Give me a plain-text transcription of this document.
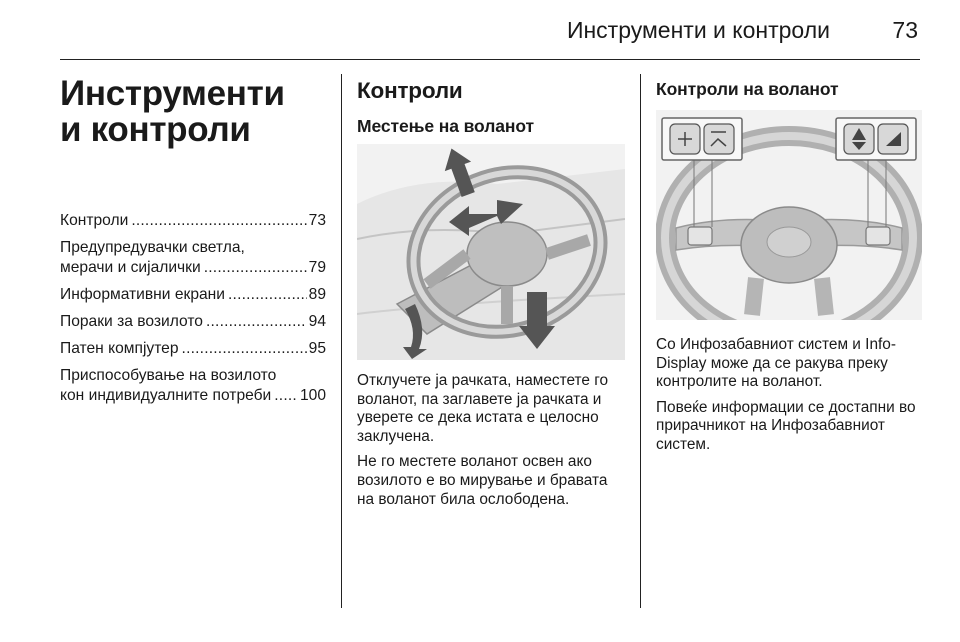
Инструменти и контроли	73
Инструменти
и контроли
Контроли .....	73
Предупредувачки светла,
мерачи и сијалички .....	79
Информативни екрани .....	89
Пораки за возилото .....	94
Патен компјутер .....	95
Приспособување на возилото
кон индивидуалните потреби ..... 100
Контроли
Местење на воланот

Отклучете ја рачката, наместете го воланот, па заглавете ја рачката и уверете се дека истата е целосно заклучена.

Не го местете воланот освен ако возилото е во мирување и бравата на воланот била ослободена.

Контроли на воланот

Со Инфозабавниот систем и Info-Display може да се ракува преку контролите на воланот.

Повеќе информации се достапни во прирачникот на Инфозабавниот систем.
